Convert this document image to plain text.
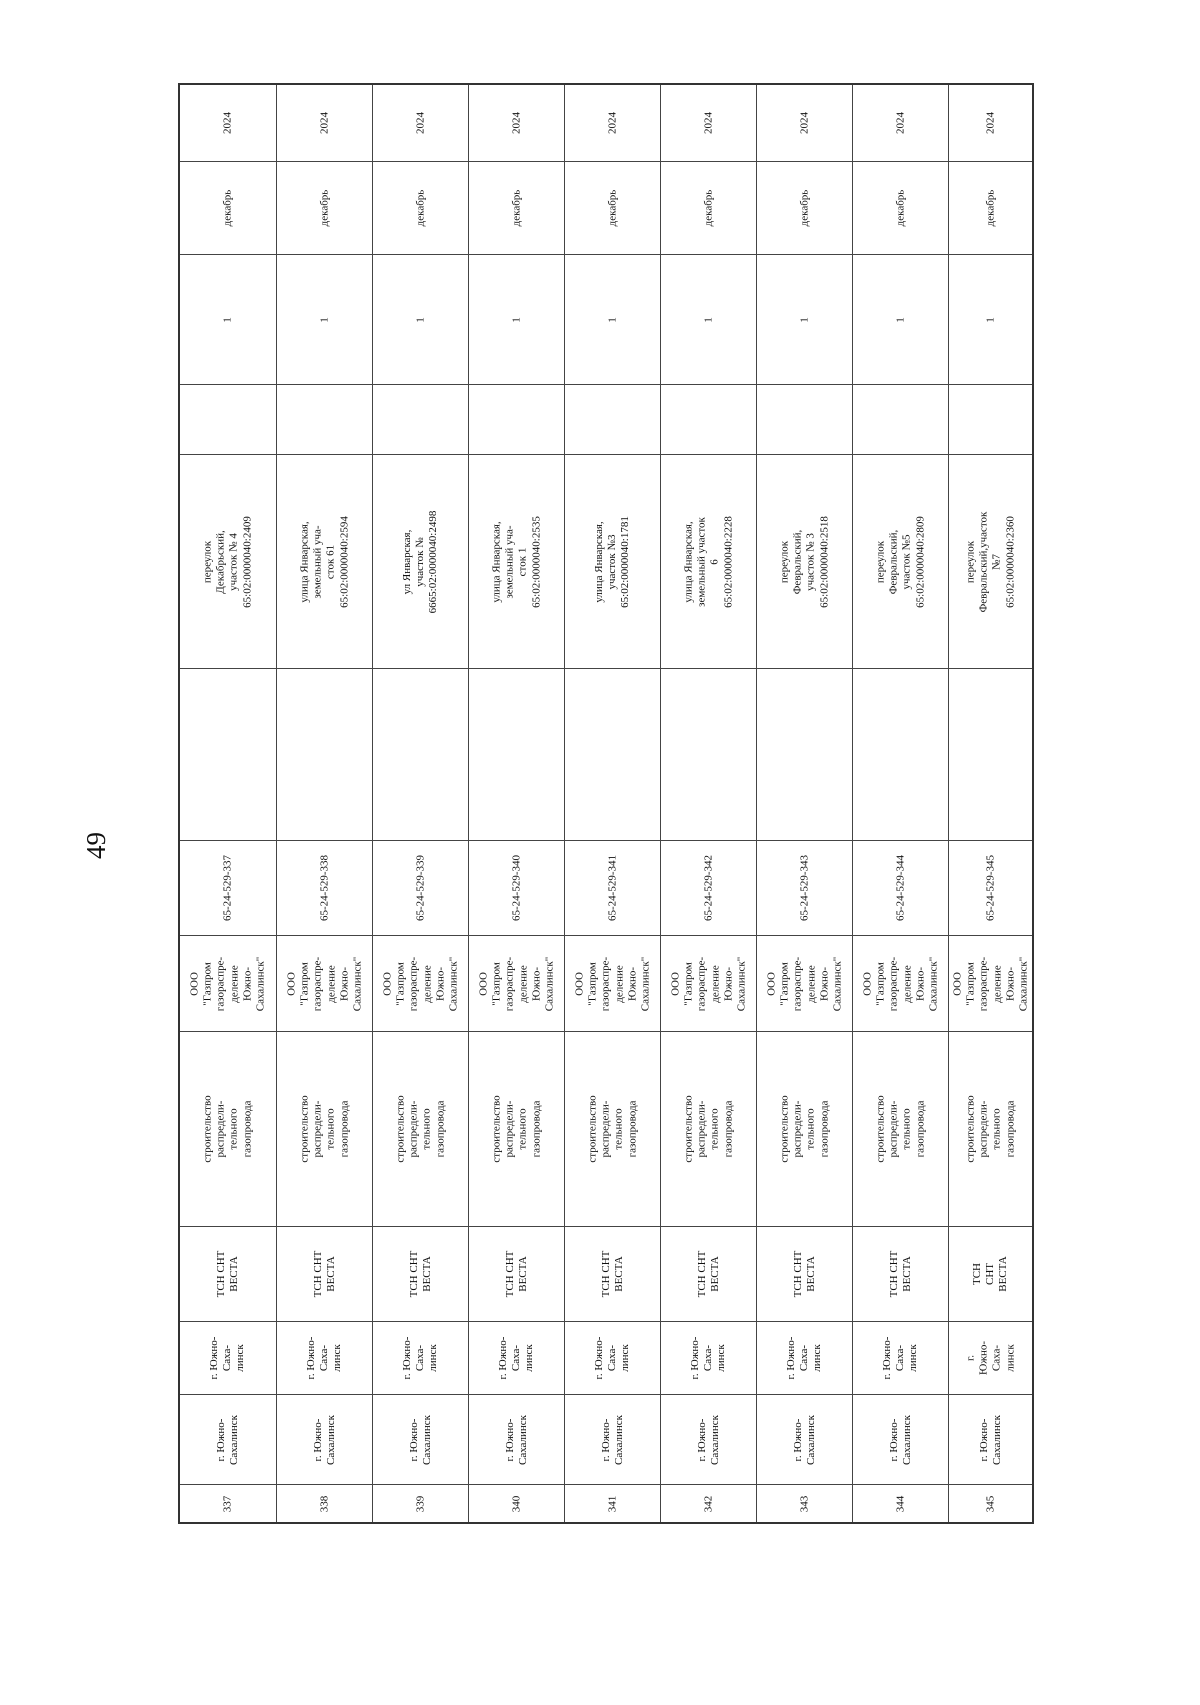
49
2024
декабрь
1
переулок Декабрьский, участок № 4
65:02:0000040:2409
65-24-529-337
ООО
"Газпром
газораспре-
деление
Южно-
Сахалинск"
строительство распредели-
тельного газопровода
ТСН СНТ
ВЕСТА
г. Южно-
Саха-
линск
г. Южно-Сахалинск
337
2024
декабрь
1
улица Январская, земельный уча-
сток 61
65:02:0000040:2594
65-24-529-338
ООО
"Газпром
газораспре-
деление
Южно-
Сахалинск"
строительство распредели-
тельного газопровода
ТСН СНТ
ВЕСТА
г. Южно-
Саха-
линск
г. Южно-Сахалинск
338
2024
декабрь
1
ул Январская, участок №
6665:02:0000040:2498
65-24-529-339
ООО
"Газпром
газораспре-
деление
Южно-
Сахалинск"
строительство распредели-
тельного газопровода
ТСН СНТ
ВЕСТА
г. Южно-
Саха-
линск
г. Южно-Сахалинск
339
2024
декабрь
1
улица Январская, земельный уча-
сток 1
65:02:0000040:2535
65-24-529-340
ООО
"Газпром
газораспре-
деление
Южно-
Сахалинск"
строительство распредели-
тельного газопровода
ТСН СНТ
ВЕСТА
г. Южно-
Саха-
линск
г. Южно-Сахалинск
340
2024
декабрь
1
улица Январская, участок №3
65:02:0000040:1781
65-24-529-341
ООО
"Газпром
газораспре-
деление
Южно-
Сахалинск"
строительство распредели-
тельного газопровода
ТСН СНТ
ВЕСТА
г. Южно-
Саха-
линск
г. Южно-Сахалинск
341
2024
декабрь
1
улица Январская, земельный участок
6
65:02:0000040:2228
65-24-529-342
ООО
"Газпром
газораспре-
деление
Южно-
Сахалинск"
строительство распредели-
тельного газопровода
ТСН СНТ
ВЕСТА
г. Южно-
Саха-
линск
г. Южно-Сахалинск
342
2024
декабрь
1
переулок Февральский, участок № 3
65:02:0000040:2518
65-24-529-343
ООО
"Газпром
газораспре-
деление
Южно-
Сахалинск"
строительство распредели-
тельного газопровода
ТСН СНТ
ВЕСТА
г. Южно-
Саха-
линск
г. Южно-Сахалинск
343
2024
декабрь
1
переулок Февральский, участок №5
65:02:0000040:2809
65-24-529-344
ООО
"Газпром
газораспре-
деление
Южно-
Сахалинск"
строительство распредели-
тельного газопровода
ТСН СНТ
ВЕСТА
г. Южно-
Саха-
линск
г. Южно-Сахалинск
344
2024
декабрь
1
переулок Февральский,участок №7
65:02:0000040:2360
65-24-529-345
ООО
"Газпром
газораспре-
деление
Южно-
Сахалинск"
строительство распредели-
тельного газопровода
ТСН СНТ
ВЕСТА
г. Южно-
Саха-
линск
г. Южно-Сахалинск
345
